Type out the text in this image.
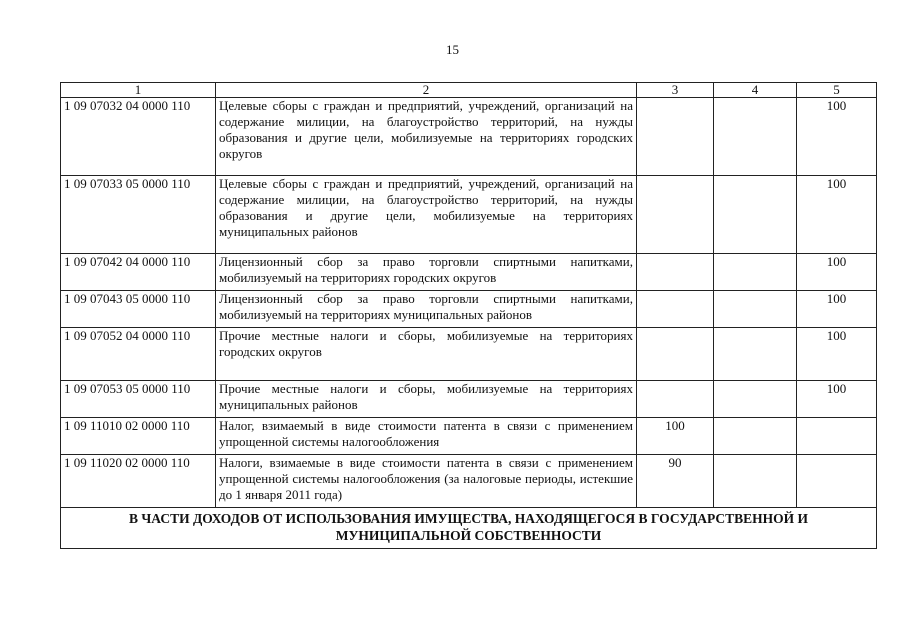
15
1	2	3	4	5
1 09 07032 04 0000 110	Целевые сборы с граждан и предприятий, учреждений, организаций на содержание милиции, на благоустройство территорий, на нужды образования и другие цели, мобилизуемые на территориях городских округов			100
1 09 07033 05 0000 110	Целевые сборы с граждан и предприятий, учреждений, организаций на содержание милиции, на благоустройство территорий, на нужды образования и другие цели, мобилизуемые на территориях муниципальных районов			100
1 09 07042 04 0000 110	Лицензионный сбор за право торговли спиртными напитками, мобилизуемый на территориях городских округов			100
1 09 07043 05 0000 110	Лицензионный сбор за право торговли спиртными напитками, мобилизуемый на территориях муниципальных районов			100
1 09 07052 04 0000 110	Прочие местные налоги и сборы, мобилизуемые на территориях городских округов			100
1 09 07053 05 0000 110	Прочие местные налоги и сборы, мобилизуемые на территориях муниципальных районов			100
1 09 11010 02 0000 110	Налог, взимаемый в виде стоимости патента в связи с применением упрощенной системы налогообложения	100		
1 09 11020 02 0000 110	Налоги, взимаемые в виде стоимости патента в связи с применением упрощенной системы налогообложения (за налоговые периоды, истекшие до 1 января 2011 года)	90		
В ЧАСТИ ДОХОДОВ ОТ ИСПОЛЬЗОВАНИЯ ИМУЩЕСТВА, НАХОДЯЩЕГОСЯ В ГОСУДАРСТВЕННОЙ И МУНИЦИПАЛЬНОЙ СОБСТВЕННОСТИ				
